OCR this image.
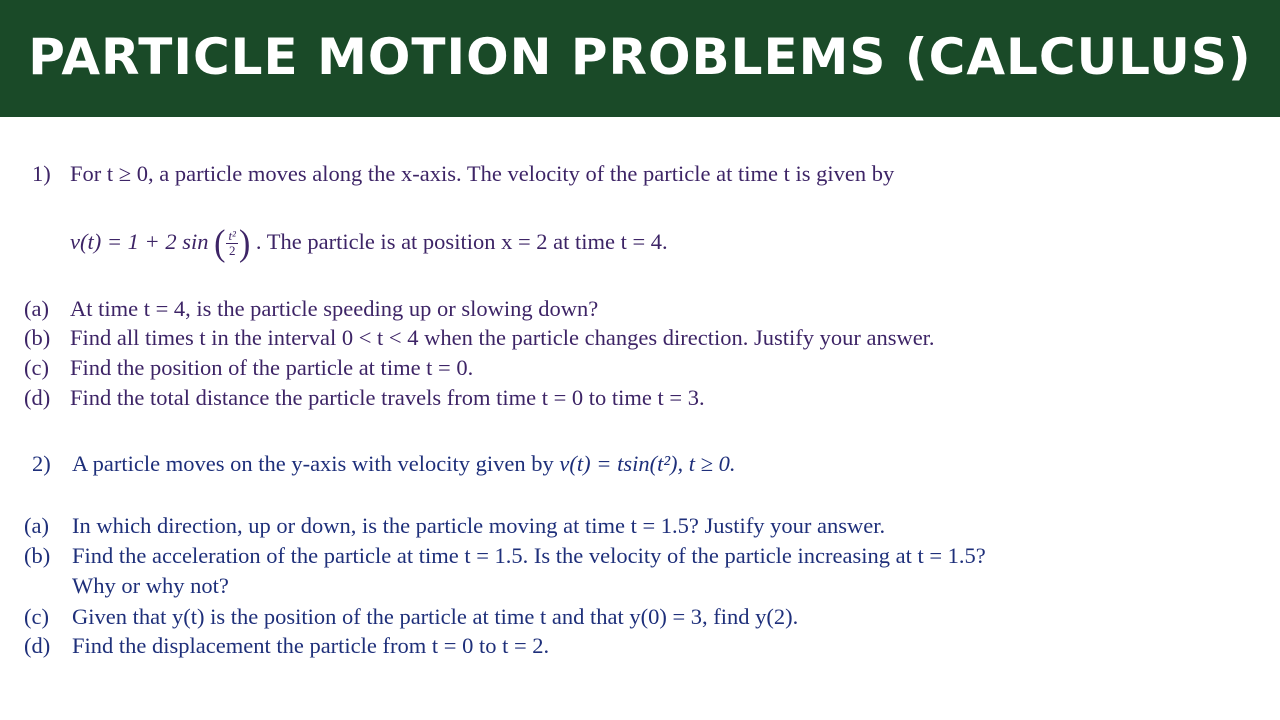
PARTICLE MOTION PROBLEMS (CALCULUS)
1) For t ≥ 0, a particle moves along the x-axis. The velocity of the particle at time t is given by
v(t) = 1 + 2 sin ( $\frac{\text{t²}}{2}$ ) . The particle is at position x = 2 at time t = 4.
(a) At time t = 4, is the particle speeding up or slowing down?
(b) Find all times t in the interval 0 < t < 4 when the particle changes direction. Justify your answer.
(c) Find the position of the particle at time t = 0.
(d) Find the total distance the particle travels from time t = 0 to time t = 3.
2) A particle moves on the y-axis with velocity given by v(t) = tsin(t²), t ≥ 0.
(a) In which direction, up or down, is the particle moving at time t = 1.5? Justify your answer.
(b) Find the acceleration of the particle at time t = 1.5. Is the velocity of the particle increasing at t = 1.5?
Why or why not?
(c) Given that y(t) is the position of the particle at time t and that y(0) = 3, find y(2).
(d) Find the displacement the particle from t = 0 to t = 2.
